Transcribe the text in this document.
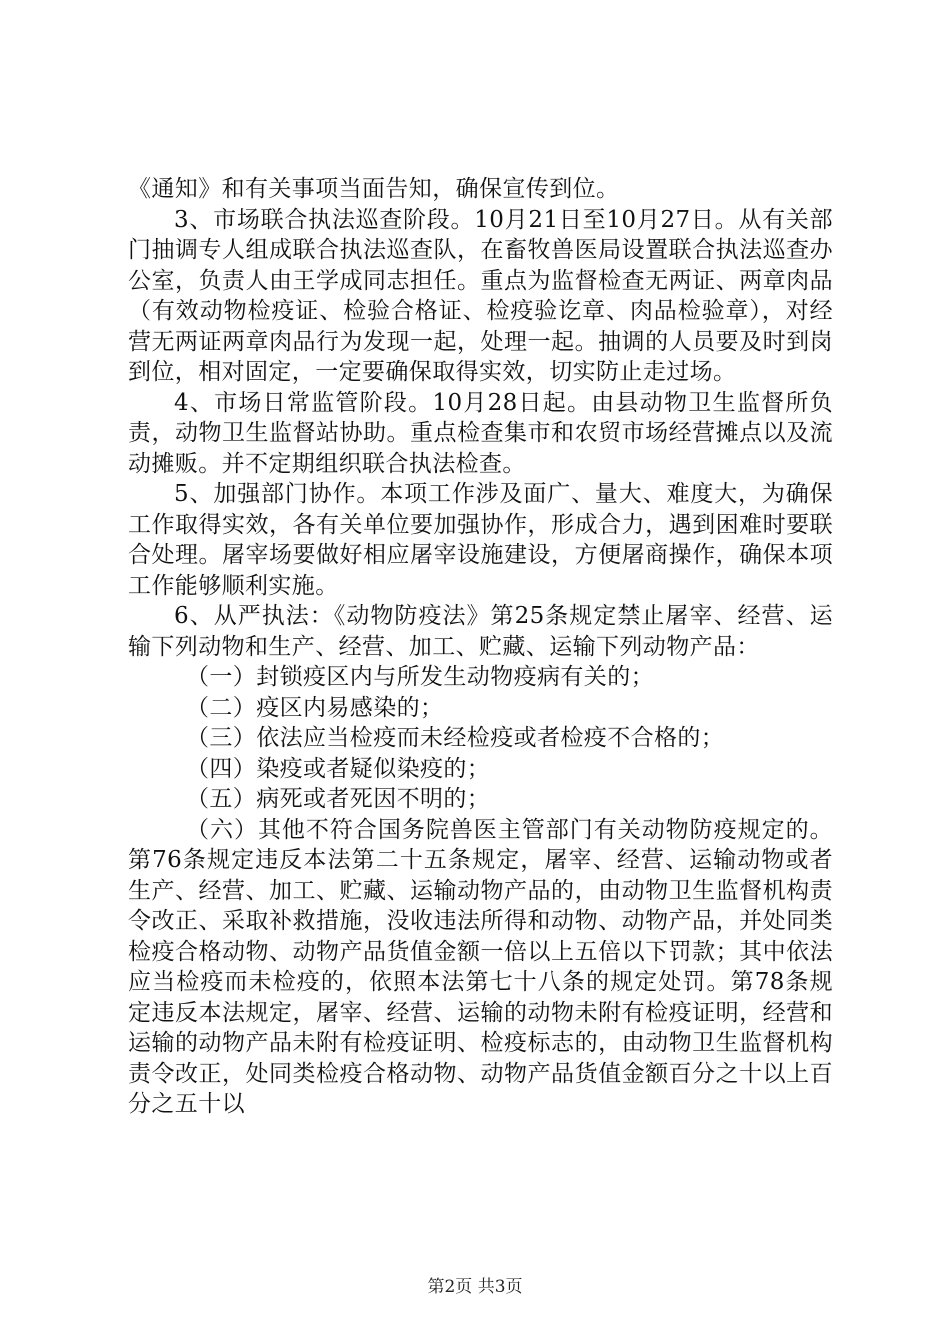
《通知》和有关事项当面告知，确保宣传到位。

3、市场联合执法巡查阶段。10月21日至10月27日。从有关部门抽调专人组成联合执法巡查队，在畜牧兽医局设置联合执法巡查办公室，负责人由王学成同志担任。重点为监督检查无两证、两章肉品（有效动物检疫证、检验合格证、检疫验讫章、肉品检验章），对经营无两证两章肉品行为发现一起，处理一起。抽调的人员要及时到岗到位，相对固定，一定要确保取得实效，切实防止走过场。

4、市场日常监管阶段。10月28日起。由县动物卫生监督所负责，动物卫生监督站协助。重点检查集市和农贸市场经营摊点以及流动摊贩。并不定期组织联合执法检查。

5、加强部门协作。本项工作涉及面广、量大、难度大，为确保工作取得实效，各有关单位要加强协作，形成合力，遇到困难时要联合处理。屠宰场要做好相应屠宰设施建设，方便屠商操作，确保本项工作能够顺利实施。

6、从严执法：《动物防疫法》第25条规定禁止屠宰、经营、运输下列动物和生产、经营、加工、贮藏、运输下列动物产品：

（一）封锁疫区内与所发生动物疫病有关的；

（二）疫区内易感染的；

（三）依法应当检疫而未经检疫或者检疫不合格的；

（四）染疫或者疑似染疫的；

（五）病死或者死因不明的；

（六）其他不符合国务院兽医主管部门有关动物防疫规定的。第76条规定违反本法第二十五条规定，屠宰、经营、运输动物或者生产、经营、加工、贮藏、运输动物产品的，由动物卫生监督机构责令改正、采取补救措施，没收违法所得和动物、动物产品，并处同类检疫合格动物、动物产品货值金额一倍以上五倍以下罚款；其中依法应当检疫而未检疫的，依照本法第七十八条的规定处罚。第78条规定违反本法规定，屠宰、经营、运输的动物未附有检疫证明，经营和运输的动物产品未附有检疫证明、检疫标志的，由动物卫生监督机构责令改正，处同类检疫合格动物、动物产品货值金额百分之十以上百分之五十以

第2页 共3页
